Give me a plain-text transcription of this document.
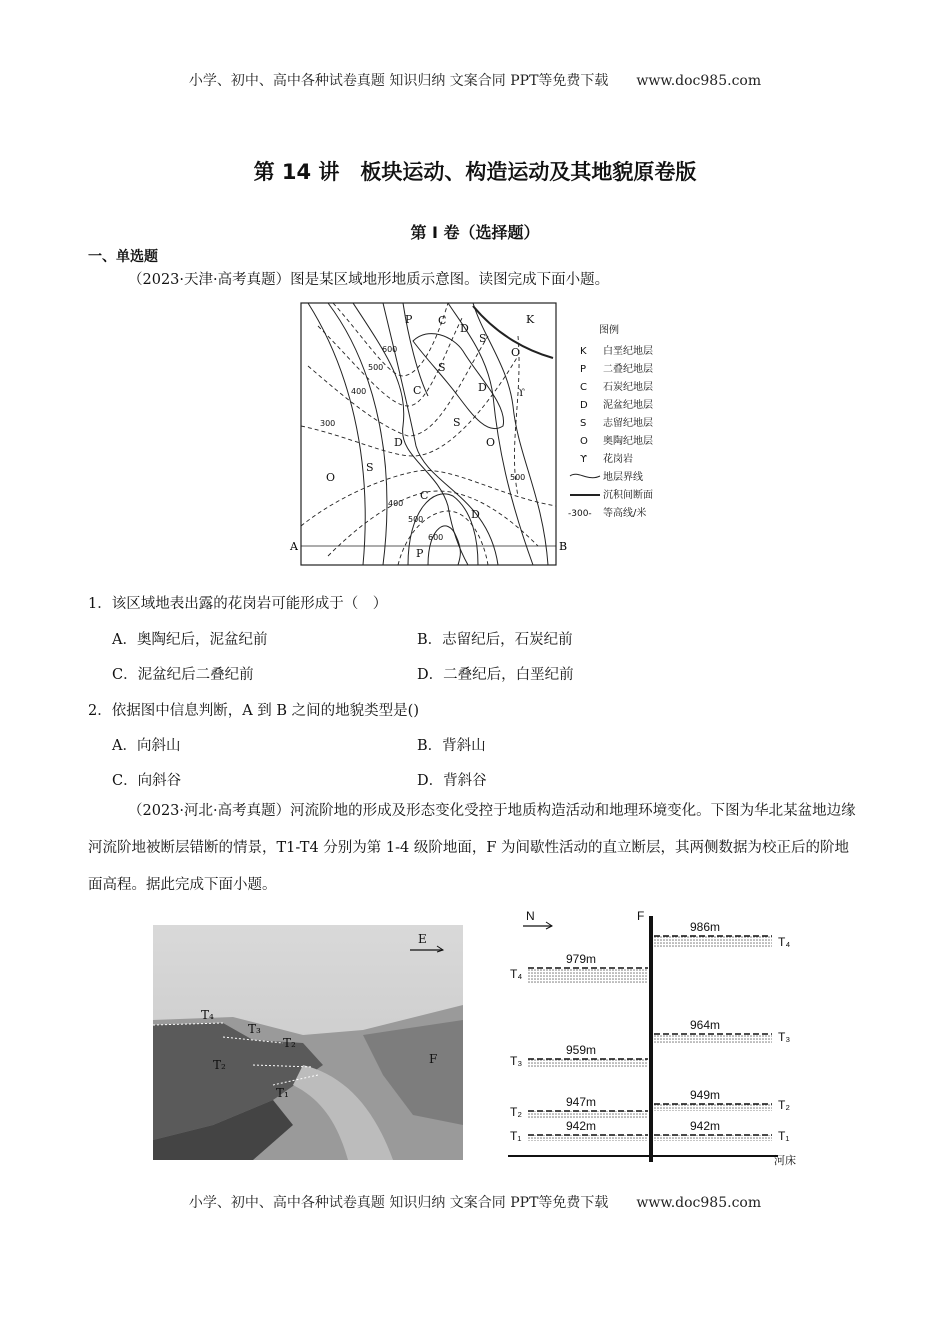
小学、初中、高中各种试卷真题 知识归纳 文案合同 PPT等免费下载 www.doc985.com
第 14 讲　板块运动、构造运动及其地貌原卷版
第 I 卷（选择题）
一、单选题
（2023·天津·高考真题）图是某区域地形地质示意图。读图完成下面小题。
P C
D
S
K
O
C
S
D
S
O
O
S
D
C
D
P
ϒ
600
500
400
300
400
500
600
500
A	B
图例
K 白垩纪地层
P 二叠纪地层
C 石炭纪地层
D 泥盆纪地层
S 志留纪地层
O 奥陶纪地层
ϒ 花岗岩
地层界线
沉积间断面
-300- 等高线/米
1．该区域地表出露的花岗岩可能形成于（　）
A．奥陶纪后，泥盆纪前	B．志留纪后，石炭纪前
C．泥盆纪后二叠纪前	D．二叠纪后，白垩纪前
2．依据图中信息判断，A 到 B 之间的地貌类型是()
A．向斜山	B．背斜山
C．向斜谷	D．背斜谷
（2023·河北·高考真题）河流阶地的形成及形态变化受控于地质构造活动和地理环境变化。下图为华北某盆地边缘河流阶地被断层错断的情景，T1-T4 分别为第 1-4 级阶地面，F 为间歇性活动的直立断层，其两侧数据为校正后的阶地面高程。据此完成下面小题。
E
T₄
T₃
T₂
T₂
T₁
F
N	F
河床
T₄
979m
T₃
959m
T₂
947m
T₁
942m
T₄
986m
T₃
964m
T₂
949m
T₁
942m
小学、初中、高中各种试卷真题 知识归纳 文案合同 PPT等免费下载 www.doc985.com
